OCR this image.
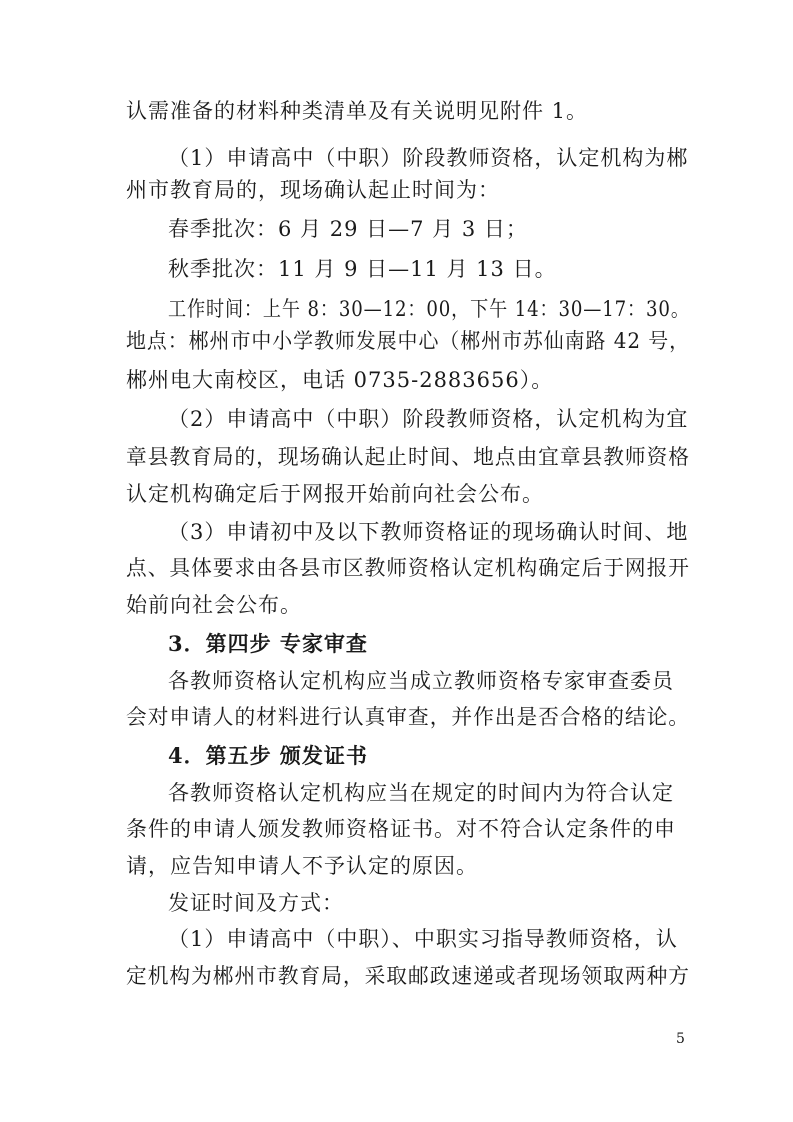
认需准备的材料种类清单及有关说明见附件 1。
（1）申请高中（中职）阶段教师资格，认定机构为郴
州市教育局的，现场确认起止时间为：
春季批次：6 月 29 日—7 月 3 日；
秋季批次：11 月 9 日—11 月 13 日。
工作时间：上午 8：30—12：00，下午 14：30—17：30。
地点：郴州市中小学教师发展中心（郴州市苏仙南路 42 号，
郴州电大南校区，电话 0735-2883656）。
（2）申请高中（中职）阶段教师资格，认定机构为宜
章县教育局的，现场确认起止时间、地点由宜章县教师资格
认定机构确定后于网报开始前向社会公布。
（3）申请初中及以下教师资格证的现场确认时间、地
点、具体要求由各县市区教师资格认定机构确定后于网报开
始前向社会公布。
3．第四步 专家审查
各教师资格认定机构应当成立教师资格专家审查委员
会对申请人的材料进行认真审查，并作出是否合格的结论。
4．第五步 颁发证书
各教师资格认定机构应当在规定的时间内为符合认定
条件的申请人颁发教师资格证书。对不符合认定条件的申
请，应告知申请人不予认定的原因。
发证时间及方式：
（1）申请高中（中职）、中职实习指导教师资格，认
定机构为郴州市教育局，采取邮政速递或者现场领取两种方
5
